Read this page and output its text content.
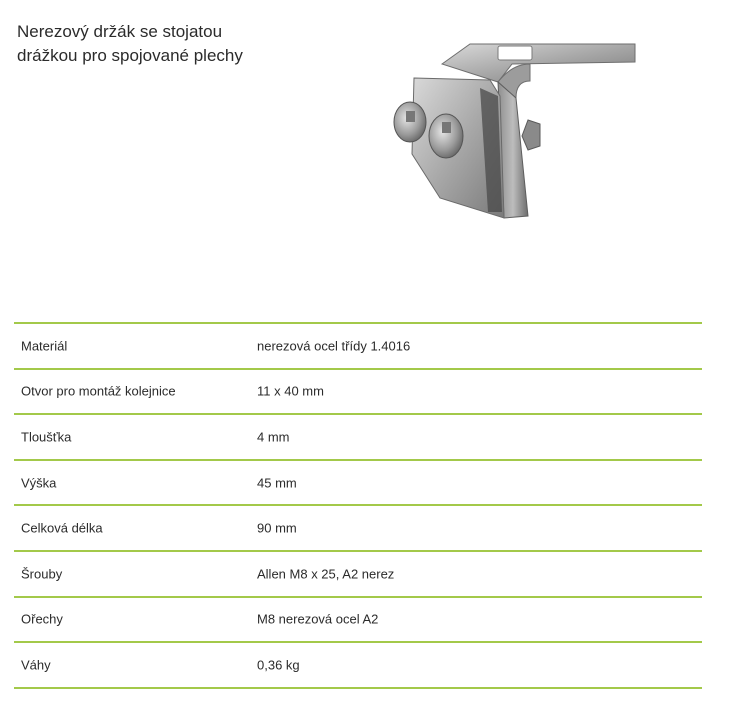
Nerezový držák se stojatou
drážkou pro spojované plechy
Materiál	nerezová ocel třídy 1.4016
Otvor pro montáž kolejnice	11 x 40 mm
Tloušťka	4 mm
Výška	45 mm
Celková délka	90 mm
Šrouby	Allen M8 x 25, A2 nerez
Ořechy	M8 nerezová ocel A2
Váhy	0,36 kg
